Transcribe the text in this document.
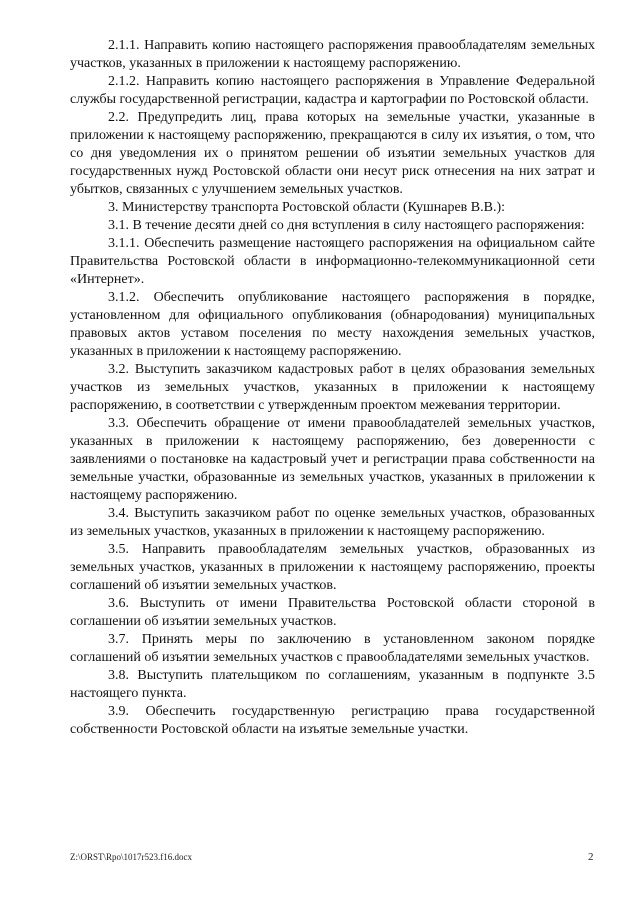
2.1.1. Направить копию настоящего распоряжения правообладателям земельных участков, указанных в приложении к настоящему распоряжению.

2.1.2. Направить копию настоящего распоряжения в Управление Федеральной службы государственной регистрации, кадастра и картографии по Ростовской области.

2.2. Предупредить лиц, права которых на земельные участки, указанные в приложении к настоящему распоряжению, прекращаются в силу их изъятия, о том, что со дня уведомления их о принятом решении об изъятии земельных участков для государственных нужд Ростовской области они несут риск отнесения на них затрат и убытков, связанных с улучшением земельных участков.

3. Министерству транспорта Ростовской области (Кушнарев В.В.):

3.1. В течение десяти дней со дня вступления в силу настоящего распоряжения:

3.1.1. Обеспечить размещение настоящего распоряжения на официальном сайте Правительства Ростовской области в информационно-телекоммуникационной сети «Интернет».

3.1.2. Обеспечить опубликование настоящего распоряжения в порядке, установленном для официального опубликования (обнародования) муниципальных правовых актов уставом поселения по месту нахождения земельных участков, указанных в приложении к настоящему распоряжению.

3.2. Выступить заказчиком кадастровых работ в целях образования земельных участков из земельных участков, указанных в приложении к настоящему распоряжению, в соответствии с утвержденным проектом межевания территории.

3.3. Обеспечить обращение от имени правообладателей земельных участков, указанных в приложении к настоящему распоряжению, без доверенности с заявлениями о постановке на кадастровый учет и регистрации права собственности на земельные участки, образованные из земельных участков, указанных в приложении к настоящему распоряжению.

3.4. Выступить заказчиком работ по оценке земельных участков, образованных из земельных участков, указанных в приложении к настоящему распоряжению.

3.5. Направить правообладателям земельных участков, образованных из земельных участков, указанных в приложении к настоящему распоряжению, проекты соглашений об изъятии земельных участков.

3.6. Выступить от имени Правительства Ростовской области стороной в соглашении об изъятии земельных участков.

3.7. Принять меры по заключению в установленном законом порядке соглашений об изъятии земельных участков с правообладателями земельных участков.

3.8. Выступить плательщиком по соглашениям, указанным в подпункте 3.5 настоящего пункта.

3.9. Обеспечить государственную регистрацию права государственной собственности Ростовской области на изъятые земельные участки.

Z:\ORST\Rpo\1017r523.f16.docx	2
